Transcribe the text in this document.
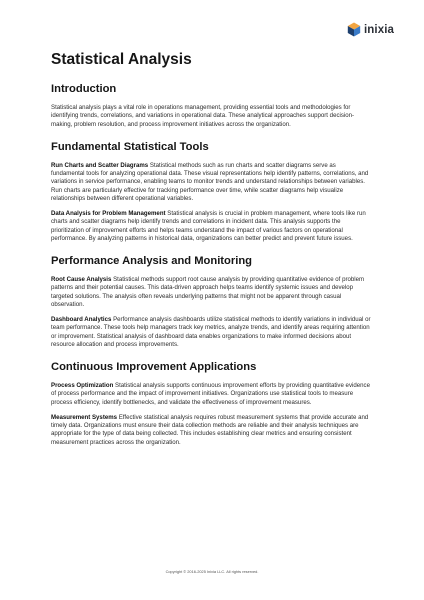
inixia
Statistical Analysis
Introduction

Statistical analysis plays a vital role in operations management, providing essential tools and methodologies for identifying trends, correlations, and variations in operational data. These analytical approaches support decision-making, problem resolution, and process improvement initiatives across the organization.

Fundamental Statistical Tools

Run Charts and Scatter Diagrams Statistical methods such as run charts and scatter diagrams serve as fundamental tools for analyzing operational data. These visual representations help identify patterns, correlations, and variations in service performance, enabling teams to monitor trends and understand relationships between variables. Run charts are particularly effective for tracking performance over time, while scatter diagrams help visualize relationships between different operational variables.

Data Analysis for Problem Management Statistical analysis is crucial in problem management, where tools like run charts and scatter diagrams help identify trends and correlations in incident data. This analysis supports the prioritization of improvement efforts and helps teams understand the impact of various factors on operational performance. By analyzing patterns in historical data, organizations can better predict and prevent future issues.

Performance Analysis and Monitoring

Root Cause Analysis Statistical methods support root cause analysis by providing quantitative evidence of problem patterns and their potential causes. This data-driven approach helps teams identify systemic issues and develop targeted solutions. The analysis often reveals underlying patterns that might not be apparent through casual observation.

Dashboard Analytics Performance analysis dashboards utilize statistical methods to identify variations in individual or team performance. These tools help managers track key metrics, analyze trends, and identify areas requiring attention or improvement. Statistical analysis of dashboard data enables organizations to make informed decisions about resource allocation and process improvements.

Continuous Improvement Applications

Process Optimization Statistical analysis supports continuous improvement efforts by providing quantitative evidence of process performance and the impact of improvement initiatives. Organizations use statistical tools to measure process efficiency, identify bottlenecks, and validate the effectiveness of improvement measures.

Measurement Systems Effective statistical analysis requires robust measurement systems that provide accurate and timely data. Organizations must ensure their data collection methods are reliable and their analysis techniques are appropriate for the type of data being collected. This includes establishing clear metrics and ensuring consistent measurement practices across the organization.

Copyright © 2016-2025 Inixia LLC. All rights reserved.
